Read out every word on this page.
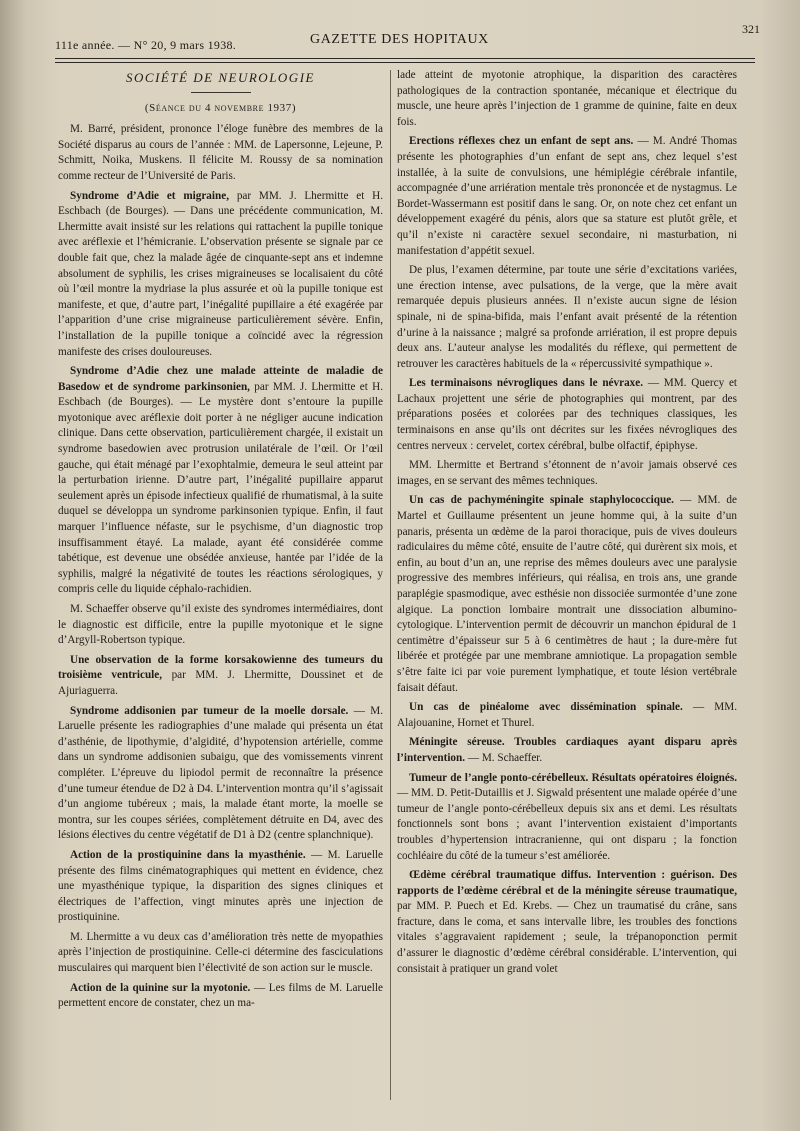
111e année. — N° 20, 9 mars 1938.	GAZETTE DES HOPITAUX
321
SOCIÉTÉ DE NEUROLOGIE
(Séance du 4 novembre 1937)

M. Barré, président, prononce l’éloge funèbre des membres de la Société disparus au cours de l’année : MM. de Lapersonne, Lejeune, P. Schmitt, Noika, Muskens. Il félicite M. Roussy de sa nomination comme recteur de l’Université de Paris.

Syndrome d’Adie et migraine, par MM. J. Lhermitte et H. Eschbach (de Bourges). — Dans une précédente communication, M. Lhermitte avait insisté sur les relations qui rattachent la pupille tonique avec aréflexie et l’hémicranie. L’observation présente se signale par ce double fait que, chez la malade âgée de cinquante-sept ans et indemne absolument de syphilis, les crises migraineuses se localisaient du côté où l’œil montre la mydriase la plus assurée et où la pupille tonique est manifeste, et que, d’autre part, l’inégalité pupillaire a été exagérée par l’apparition d’une crise migraineuse particulièrement sévère. Enfin, l’installation de la pupille tonique a coïncidé avec la régression manifeste des crises douloureuses.

Syndrome d’Adie chez une malade atteinte de maladie de Basedow et de syndrome parkinsonien, par MM. J. Lhermitte et H. Eschbach (de Bourges). — Le mystère dont s’entoure la pupille myotonique avec aréflexie doit porter à ne négliger aucune indication clinique. Dans cette observation, particulièrement chargée, il existait un syndrome basedowien avec protrusion unilatérale de l’œil. Or l’œil gauche, qui était ménagé par l’exophtalmie, demeura le seul atteint par la perturbation irienne. D’autre part, l’inégalité pupillaire apparut seulement après un épisode infectieux qualifié de rhumatismal, à la suite duquel se développa un syndrome parkinsonien typique. Enfin, il faut marquer l’influence néfaste, sur le psychisme, d’un diagnostic trop insuffisamment étayé. La malade, ayant été considérée comme tabétique, est devenue une obsédée anxieuse, hantée par l’idée de la syphilis, malgré la négativité de toutes les réactions sérologiques, y compris celle du liquide céphalo-rachidien.

M. Schaeffer observe qu’il existe des syndromes intermédiaires, dont le diagnostic est difficile, entre la pupille myotonique et le signe d’Argyll-Robertson typique.

Une observation de la forme korsakowienne des tumeurs du troisième ventricule, par MM. J. Lhermitte, Doussinet et de Ajuriaguerra.

Syndrome addisonien par tumeur de la moelle dorsale. — M. Laruelle présente les radiographies d’une malade qui présenta un état d’asthénie, de lipothymie, d’algidité, d’hypotension artérielle, comme dans un syndrome addisonien subaigu, que des vomissements vinrent compléter. L’épreuve du lipiodol permit de reconnaître la présence d’une tumeur étendue de D2 à D4. L’intervention montra qu’il s’agissait d’un angiome tubéreux ; mais, la malade étant morte, la moelle se montra, sur les coupes sériées, complètement détruite en D4, avec des lésions électives du centre végétatif de D1 à D2 (centre splanchnique).

Action de la prostiquinine dans la myasthénie. — M. Laruelle présente des films cinématographiques qui mettent en évidence, chez une myasthénique typique, la disparition des signes cliniques et électriques de l’affection, vingt minutes après une injection de prostiquinine.

M. Lhermitte a vu deux cas d’amélioration très nette de myopathies après l’injection de prostiquinine. Celle-ci détermine des fasciculations musculaires qui marquent bien l’électivité de son action sur le muscle.

Action de la quinine sur la myotonie. — Les films de M. Laruelle permettent encore de constater, chez un ma-

lade atteint de myotonie atrophique, la disparition des caractères pathologiques de la contraction spontanée, mécanique et électrique du muscle, une heure après l’injection de 1 gramme de quinine, faite en deux fois.

Erections réflexes chez un enfant de sept ans. — M. André Thomas présente les photographies d’un enfant de sept ans, chez lequel s’est installée, à la suite de convulsions, une hémiplégie cérébrale infantile, accompagnée d’une arriération mentale très prononcée et de nystagmus. Le Bordet-Wassermann est positif dans le sang. Or, on note chez cet enfant un développement exagéré du pénis, alors que sa stature est plutôt grêle, et qu’il n’existe ni caractère sexuel secondaire, ni masturbation, ni manifestation d’appétit sexuel.

De plus, l’examen détermine, par toute une série d’excitations variées, une érection intense, avec pulsations, de la verge, que la mère avait remarquée depuis plusieurs années. Il n’existe aucun signe de lésion spinale, ni de spina-bifida, mais l’enfant avait présenté de la rétention d’urine à la naissance ; malgré sa profonde arriération, il est propre depuis deux ans. L’auteur analyse les modalités du réflexe, qui permettent de retrouver les caractères habituels de la « répercussivité sympathique ».

Les terminaisons névrogliques dans le névraxe. — MM. Quercy et Lachaux projettent une série de photographies qui montrent, par des préparations posées et colorées par des techniques classiques, les terminaisons en anse qu’ils ont décrites sur les fixées névrogliques des centres nerveux : cervelet, cortex cérébral, bulbe olfactif, épiphyse.

MM. Lhermitte et Bertrand s’étonnent de n’avoir jamais observé ces images, en se servant des mêmes techniques.

Un cas de pachyméningite spinale staphylococcique. — MM. de Martel et Guillaume présentent un jeune homme qui, à la suite d’un panaris, présenta un œdème de la paroi thoracique, puis de vives douleurs radiculaires du même côté, ensuite de l’autre côté, qui durèrent six mois, et enfin, au bout d’un an, une reprise des mêmes douleurs avec une paralysie progressive des membres inférieurs, qui réalisa, en trois ans, une grande paraplégie spasmodique, avec esthésie non dissociée surmontée d’une zone algique. La ponction lombaire montrait une dissociation albumino-cytologique. L’intervention permit de découvrir un manchon épidural de 1 centimètre d’épaisseur sur 5 à 6 centimètres de haut ; la dure-mère fut libérée et protégée par une membrane amniotique. La propagation semble s’être faite ici par voie purement lymphatique, et toute lésion vertébrale faisait défaut.

Un cas de pinéalome avec dissémination spinale. — MM. Alajouanine, Hornet et Thurel.

Méningite séreuse. Troubles cardiaques ayant disparu après l’intervention. — M. Schaeffer.

Tumeur de l’angle ponto-cérébelleux. Résultats opératoires éloignés. — MM. D. Petit-Dutaillis et J. Sigwald présentent une malade opérée d’une tumeur de l’angle ponto-cérébelleux depuis six ans et demi. Les résultats fonctionnels sont bons ; avant l’intervention existaient d’importants troubles d’hypertension intracranienne, qui ont disparu ; la fonction cochléaire du côté de la tumeur s’est améliorée.

Œdème cérébral traumatique diffus. Intervention : guérison. Des rapports de l’œdème cérébral et de la méningite séreuse traumatique, par MM. P. Puech et Ed. Krebs. — Chez un traumatisé du crâne, sans fracture, dans le coma, et sans intervalle libre, les troubles des fonctions vitales s’aggravaient rapidement ; seule, la trépanoponction permit d’assurer le diagnostic d’œdème cérébral considérable. L’intervention, qui consistait à pratiquer un grand volet
